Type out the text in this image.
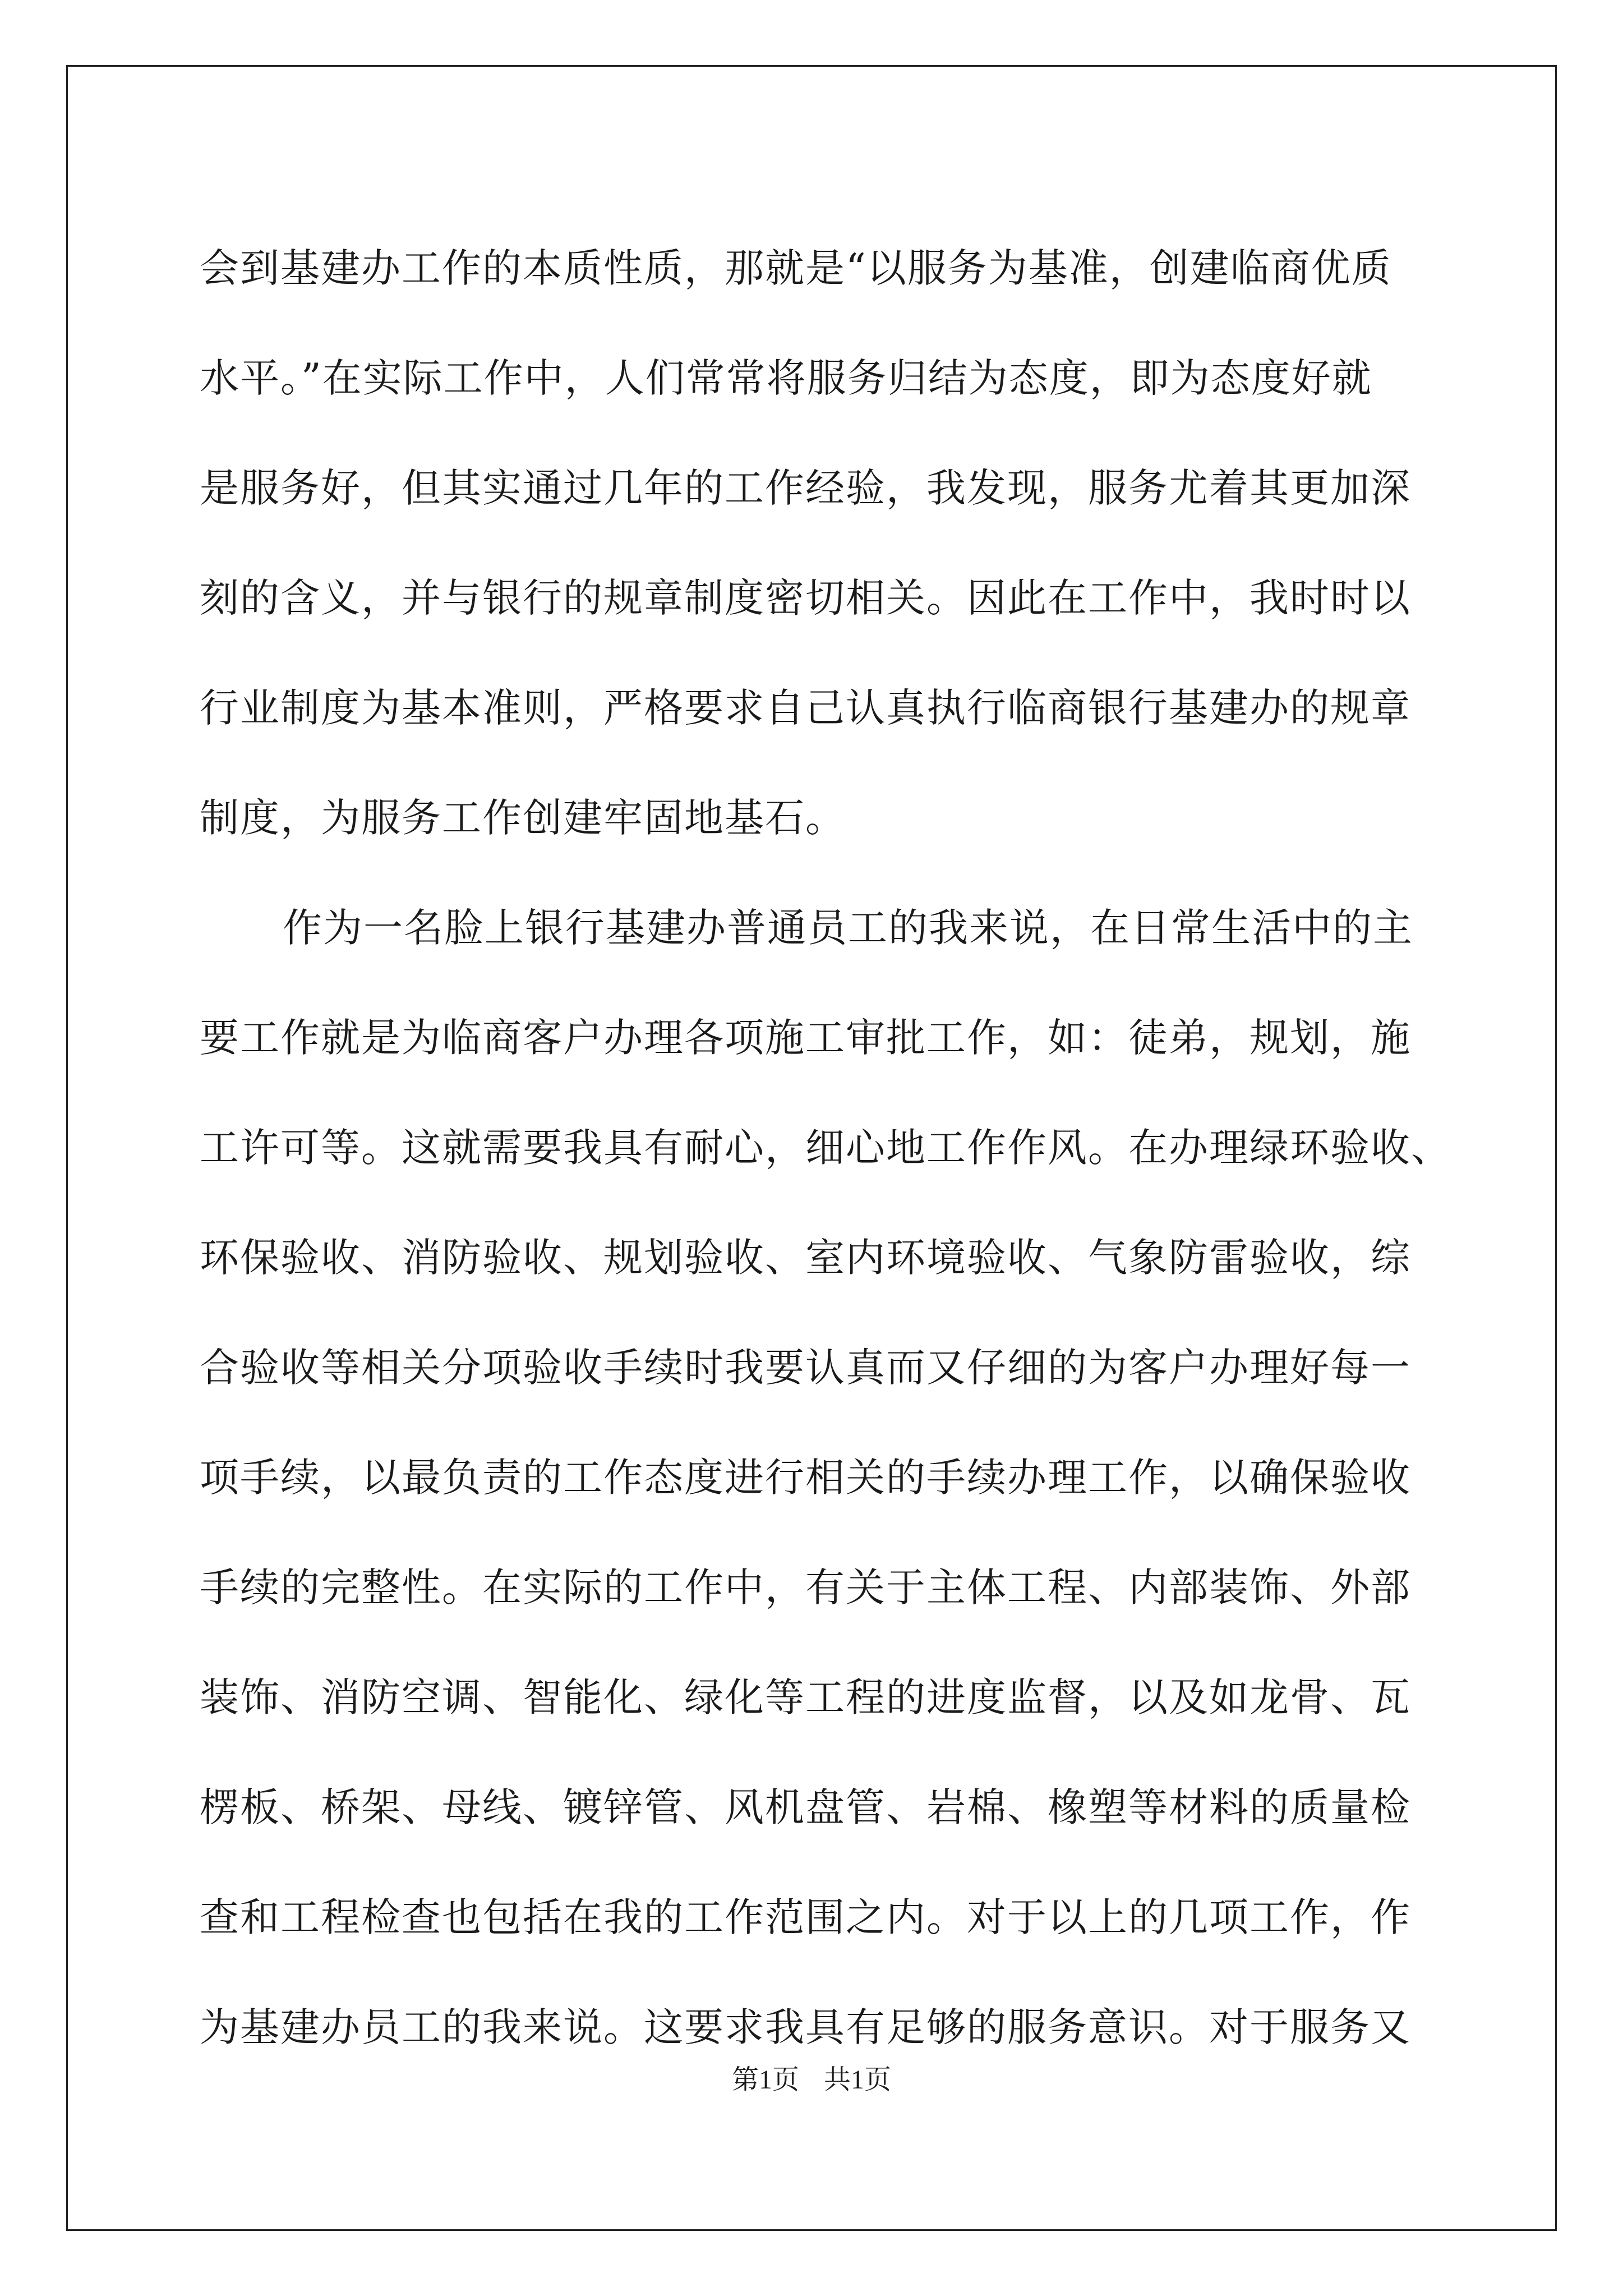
会到基建办工作的本质性质，那就是“以服务为基准，创建临商优质
水平。”在实际工作中，人们常常将服务归结为态度，即为态度好就
是服务好，但其实通过几年的工作经验，我发现，服务尤着其更加深
刻的含义，并与银行的规章制度密切相关。因此在工作中，我时时以
行业制度为基本准则，严格要求自己认真执行临商银行基建办的规章
制度，为服务工作创建牢固地基石。
作为一名脸上银行基建办普通员工的我来说，在日常生活中的主
要工作就是为临商客户办理各项施工审批工作，如：徒弟，规划，施
工许可等。这就需要我具有耐心，细心地工作作风。在办理绿环验收、
环保验收、消防验收、规划验收、室内环境验收、气象防雷验收，综
合验收等相关分项验收手续时我要认真而又仔细的为客户办理好每一
项手续，以最负责的工作态度进行相关的手续办理工作，以确保验收
手续的完整性。在实际的工作中，有关于主体工程、内部装饰、外部
装饰、消防空调、智能化、绿化等工程的进度监督，以及如龙骨、瓦
楞板、桥架、母线、镀锌管、风机盘管、岩棉、橡塑等材料的质量检
查和工程检查也包括在我的工作范围之内。对于以上的几项工作，作
为基建办员工的我来说。这要求我具有足够的服务意识。对于服务又
第1页 共1页
